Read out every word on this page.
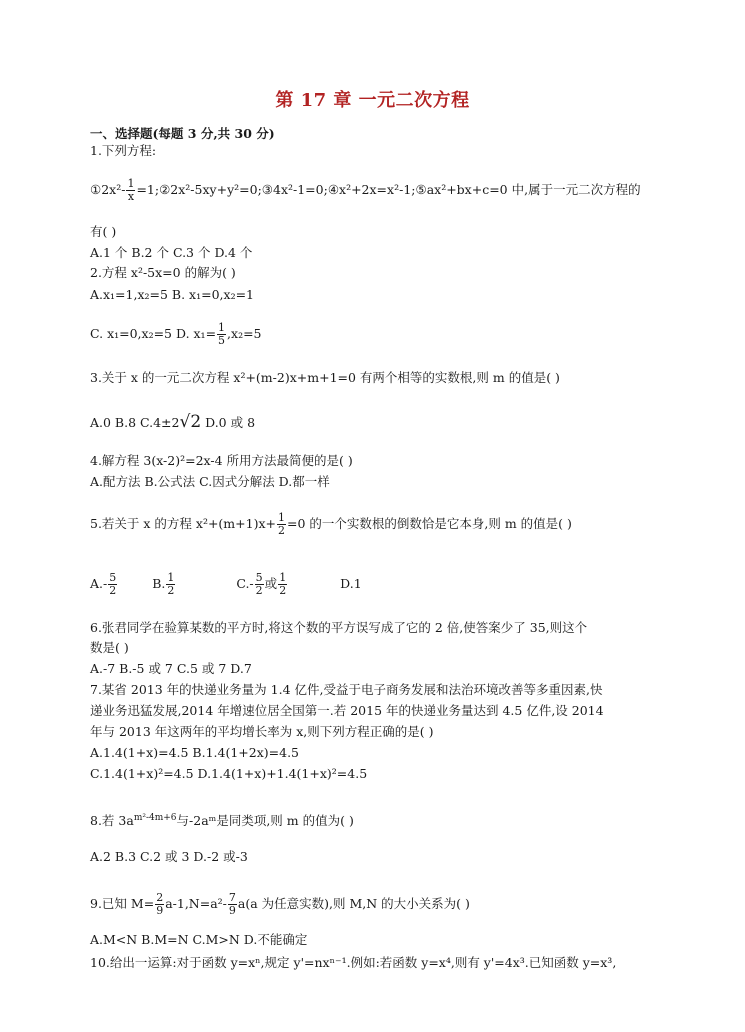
第 17 章 一元二次方程
一、选择题(每题 3 分,共 30 分)
1.下列方程:
①2x²- $\frac{1}{x}$ =1;②2x²-5xy+y²=0;③4x²-1=0;④x²+2x=x²-1;⑤ax²+bx+c=0 中,属于一元二次方程的
有( )
A.1 个 B.2 个 C.3 个 D.4 个
2.方程 x²-5x=0 的解为( )
A.x₁=1,x₂=5 B. x₁=0,x₂=1
C. x₁=0,x₂=5 D. $x_1= \frac{1}{5} ,x_2=5$
3.关于 x 的一元二次方程 x²+(m-2)x+m+1=0 有两个相等的实数根,则 m 的值是( )
A.0 B.8 C.4±2√2 D.0 或 8
4.解方程 3(x-2)²=2x-4 所用方法最简便的是( )
A.配方法 B.公式法 C.因式分解法 D.都一样
5.若关于 x 的方程 $x^2+(m+1)x+ \frac{1}{2} =0$ 的一个实数根的倒数恰是它本身,则 m 的值是( )
$A.- \frac{5}{2}$	B. $\frac{1}{2}$	$C.- \frac{5}{2}$ 或 $\frac{1}{2}$	D.1
6.张君同学在验算某数的平方时,将这个数的平方误写成了它的 2 倍,使答案少了 35,则这个
数是( )
A.-7 B.-5 或 7 C.5 或 7 D.7
7.某省 2013 年的快递业务量为 1.4 亿件,受益于电子商务发展和法治环境改善等多重因素,快
递业务迅猛发展,2014 年增速位居全国第一.若 2015 年的快递业务量达到 4.5 亿件,设 2014
年与 2013 年这两年的平均增长率为 x,则下列方程正确的是( )
A.1.4(1+x)=4.5 B.1.4(1+2x)=4.5
C.1.4(1+x)²=4.5 D.1.4(1+x)+1.4(1+x)²=4.5
8.若 $3a^{m^2-4m+6}$与-2aᵐ是同类项,则 m 的值为( )
A.2 B.3 C.2 或 3 D.-2 或-3
9.已知 $M= \frac{2}{9} a-1,N=a^2- \frac{7}{9} a(a$ 为任意实数),则 M,N 的大小关系为( )
A.M<N B.M=N C.M>N D.不能确定
10.给出一运算:对于函数 y=xⁿ,规定 y'=nxⁿ⁻¹.例如:若函数 y=x⁴,则有 y'=4x³.已知函数 y=x³,
